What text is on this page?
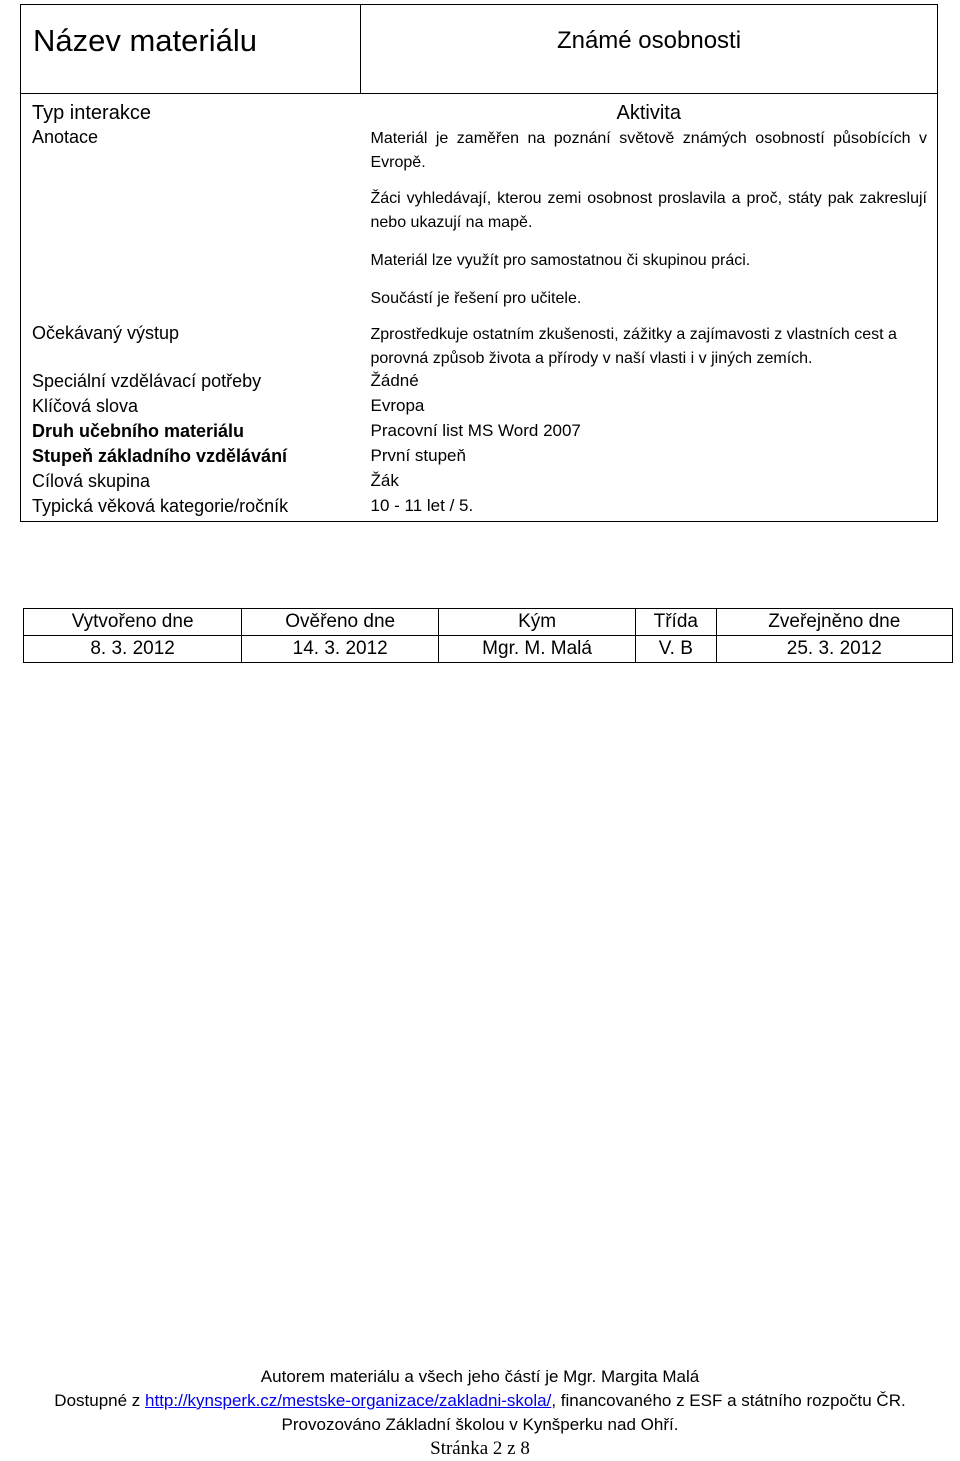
Název materiálu	Známé osobnosti
Typ interakce	Aktivita
Anotace	Materiál je zaměřen na poznání světově známých osobností působících v Evropě.

Žáci vyhledávají, kterou zemi osobnost proslavila a proč, státy pak zakreslují nebo ukazují na mapě.

Materiál lze využít pro samostatnou či skupinou práci.

Součástí je řešení pro učitele.

Očekávaný výstup	Zprostředkuje ostatním zkušenosti, zážitky a zajímavosti z vlastních cest a porovná způsob života a přírody v naší vlasti i v jiných zemích.
Speciální vzdělávací potřeby	Žádné
Klíčová slova	Evropa
Druh učebního materiálu	Pracovní list MS Word 2007
Stupeň základního vzdělávání	První stupeň
Cílová skupina	Žák
Typická věková kategorie/ročník	10 - 11 let / 5.
Vytvořeno dne	Ověřeno dne	Kým	Třída	Zveřejněno dne
8. 3. 2012	14. 3. 2012	Mgr. M. Malá	V. B	25. 3. 2012
Autorem materiálu a všech jeho částí je Mgr. Margita Malá
Dostupné z http://kynsperk.cz/mestske-organizace/zakladni-skola/, financovaného z ESF a státního rozpočtu ČR.
Provozováno Základní školou v Kynšperku nad Ohří.
Stránka 2 z 8
